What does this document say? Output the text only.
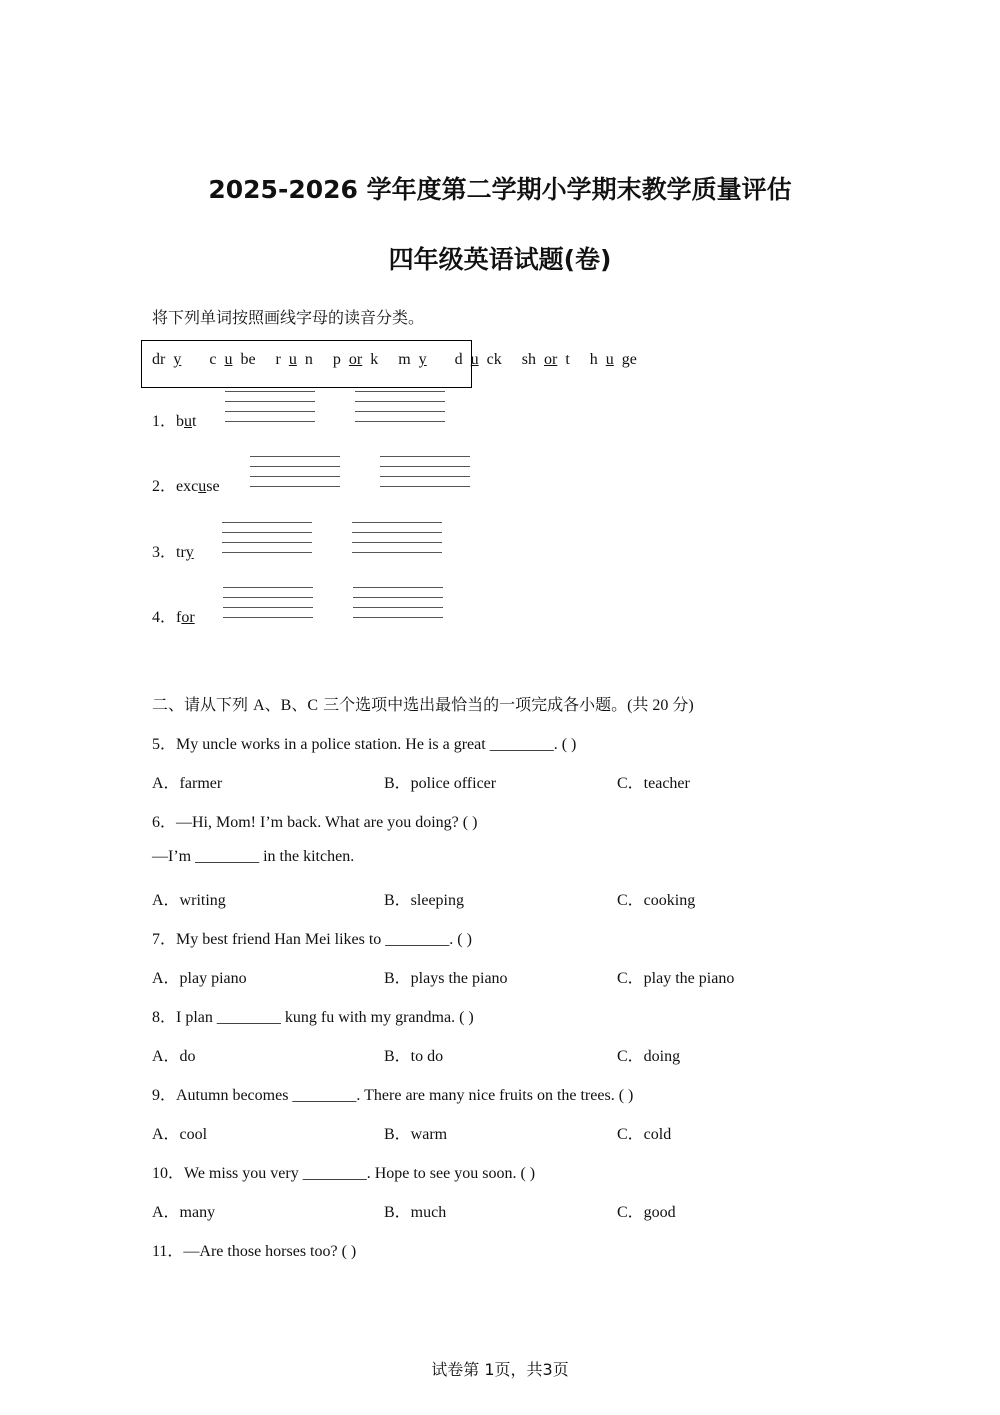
2025-2026 学年度第二学期小学期末教学质量评估
四年级英语试题(卷)
将下列单词按照画线字母的读音分类。
dr y c u be r u n p or k m y d u ck sh or t h u ge
1．but
2．excuse
3．try
4．for
二、请从下列 A、B、C 三个选项中选出最恰当的一项完成各小题。(共 20 分)
5．My uncle works in a police station. He is a great ________. ( )
A．farmer	B．police officer	C．teacher
6．—Hi, Mom! I’m back. What are you doing? ( )
—I’m ________ in the kitchen.
A．writing	B．sleeping	C．cooking
7．My best friend Han Mei likes to ________. ( )
A．play piano	B．plays the piano	C．play the piano
8．I plan ________ kung fu with my grandma. ( )
A．do	B．to do	C．doing
9．Autumn becomes ________. There are many nice fruits on the trees. ( )
A．cool	B．warm	C．cold
10．We miss you very ________. Hope to see you soon. ( )
A．many	B．much	C．good
11．—Are those horses too? ( )
试卷第 1页，共3页
